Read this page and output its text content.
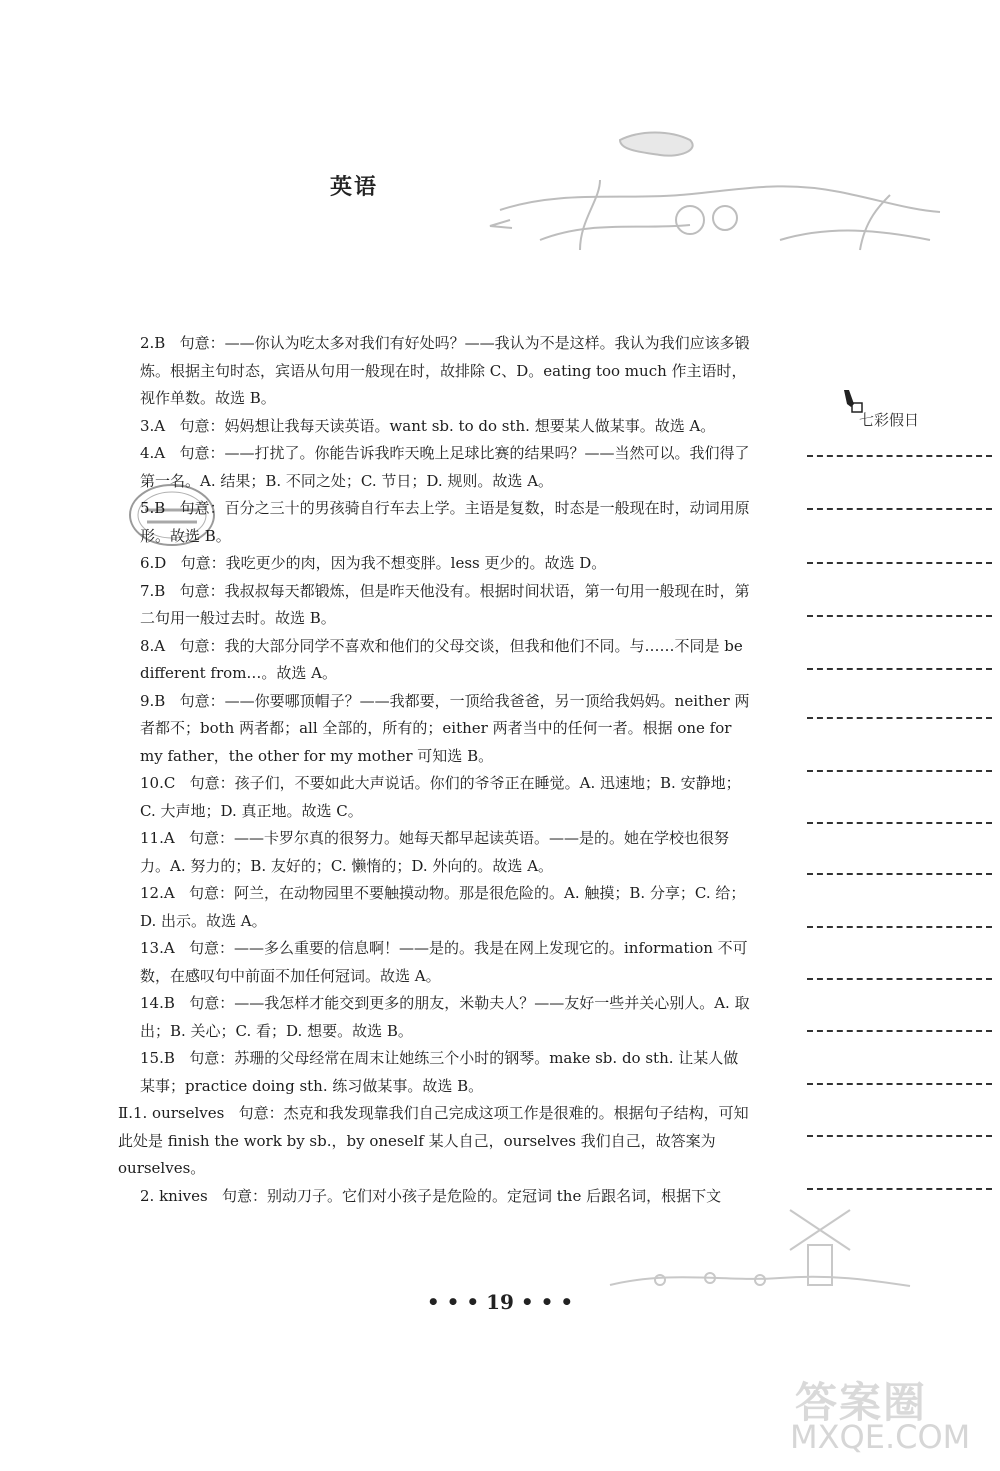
英语
七彩假日

2.B 句意：——你认为吃太多对我们有好处吗？——我认为不是这样。我认为我们应该多锻炼。根据主句时态，宾语从句用一般现在时，故排除 C、D。eating too much 作主语时，视作单数。故选 B。

3.A 句意：妈妈想让我每天读英语。want sb. to do sth. 想要某人做某事。故选 A。

4.A 句意：——打扰了。你能告诉我昨天晚上足球比赛的结果吗？——当然可以。我们得了第一名。A. 结果；B. 不同之处；C. 节日；D. 规则。故选 A。

5.B 句意：百分之三十的男孩骑自行车去上学。主语是复数，时态是一般现在时，动词用原形。故选 B。

6.D 句意：我吃更少的肉，因为我不想变胖。less 更少的。故选 D。

7.B 句意：我叔叔每天都锻炼，但是昨天他没有。根据时间状语，第一句用一般现在时，第二句用一般过去时。故选 B。

8.A 句意：我的大部分同学不喜欢和他们的父母交谈，但我和他们不同。与……不同是 be different from…。故选 A。

9.B 句意：——你要哪顶帽子？——我都要，一顶给我爸爸，另一顶给我妈妈。neither 两者都不；both 两者都；all 全部的，所有的；either 两者当中的任何一者。根据 one for my father，the other for my mother 可知选 B。

10.C 句意：孩子们，不要如此大声说话。你们的爷爷正在睡觉。A. 迅速地；B. 安静地；C. 大声地；D. 真正地。故选 C。

11.A 句意：——卡罗尔真的很努力。她每天都早起读英语。——是的。她在学校也很努力。A. 努力的；B. 友好的；C. 懒惰的；D. 外向的。故选 A。

12.A 句意：阿兰，在动物园里不要触摸动物。那是很危险的。A. 触摸；B. 分享；C. 给；D. 出示。故选 A。

13.A 句意：——多么重要的信息啊！——是的。我是在网上发现它的。information 不可数，在感叹句中前面不加任何冠词。故选 A。

14.B 句意：——我怎样才能交到更多的朋友，米勒夫人？——友好一些并关心别人。A. 取出；B. 关心；C. 看；D. 想要。故选 B。

15.B 句意：苏珊的父母经常在周末让她练三个小时的钢琴。make sb. do sth. 让某人做某事；practice doing sth. 练习做某事。故选 B。

Ⅱ.1. ourselves 句意：杰克和我发现靠我们自己完成这项工作是很难的。根据句子结构，可知此处是 finish the work by sb.，by oneself 某人自己，ourselves 我们自己，故答案为 ourselves。

2. knives 句意：别动刀子。它们对小孩子是危险的。定冠词 the 后跟名词，根据下文

• • • 19 • • •
答案圈
MXQE.COM
